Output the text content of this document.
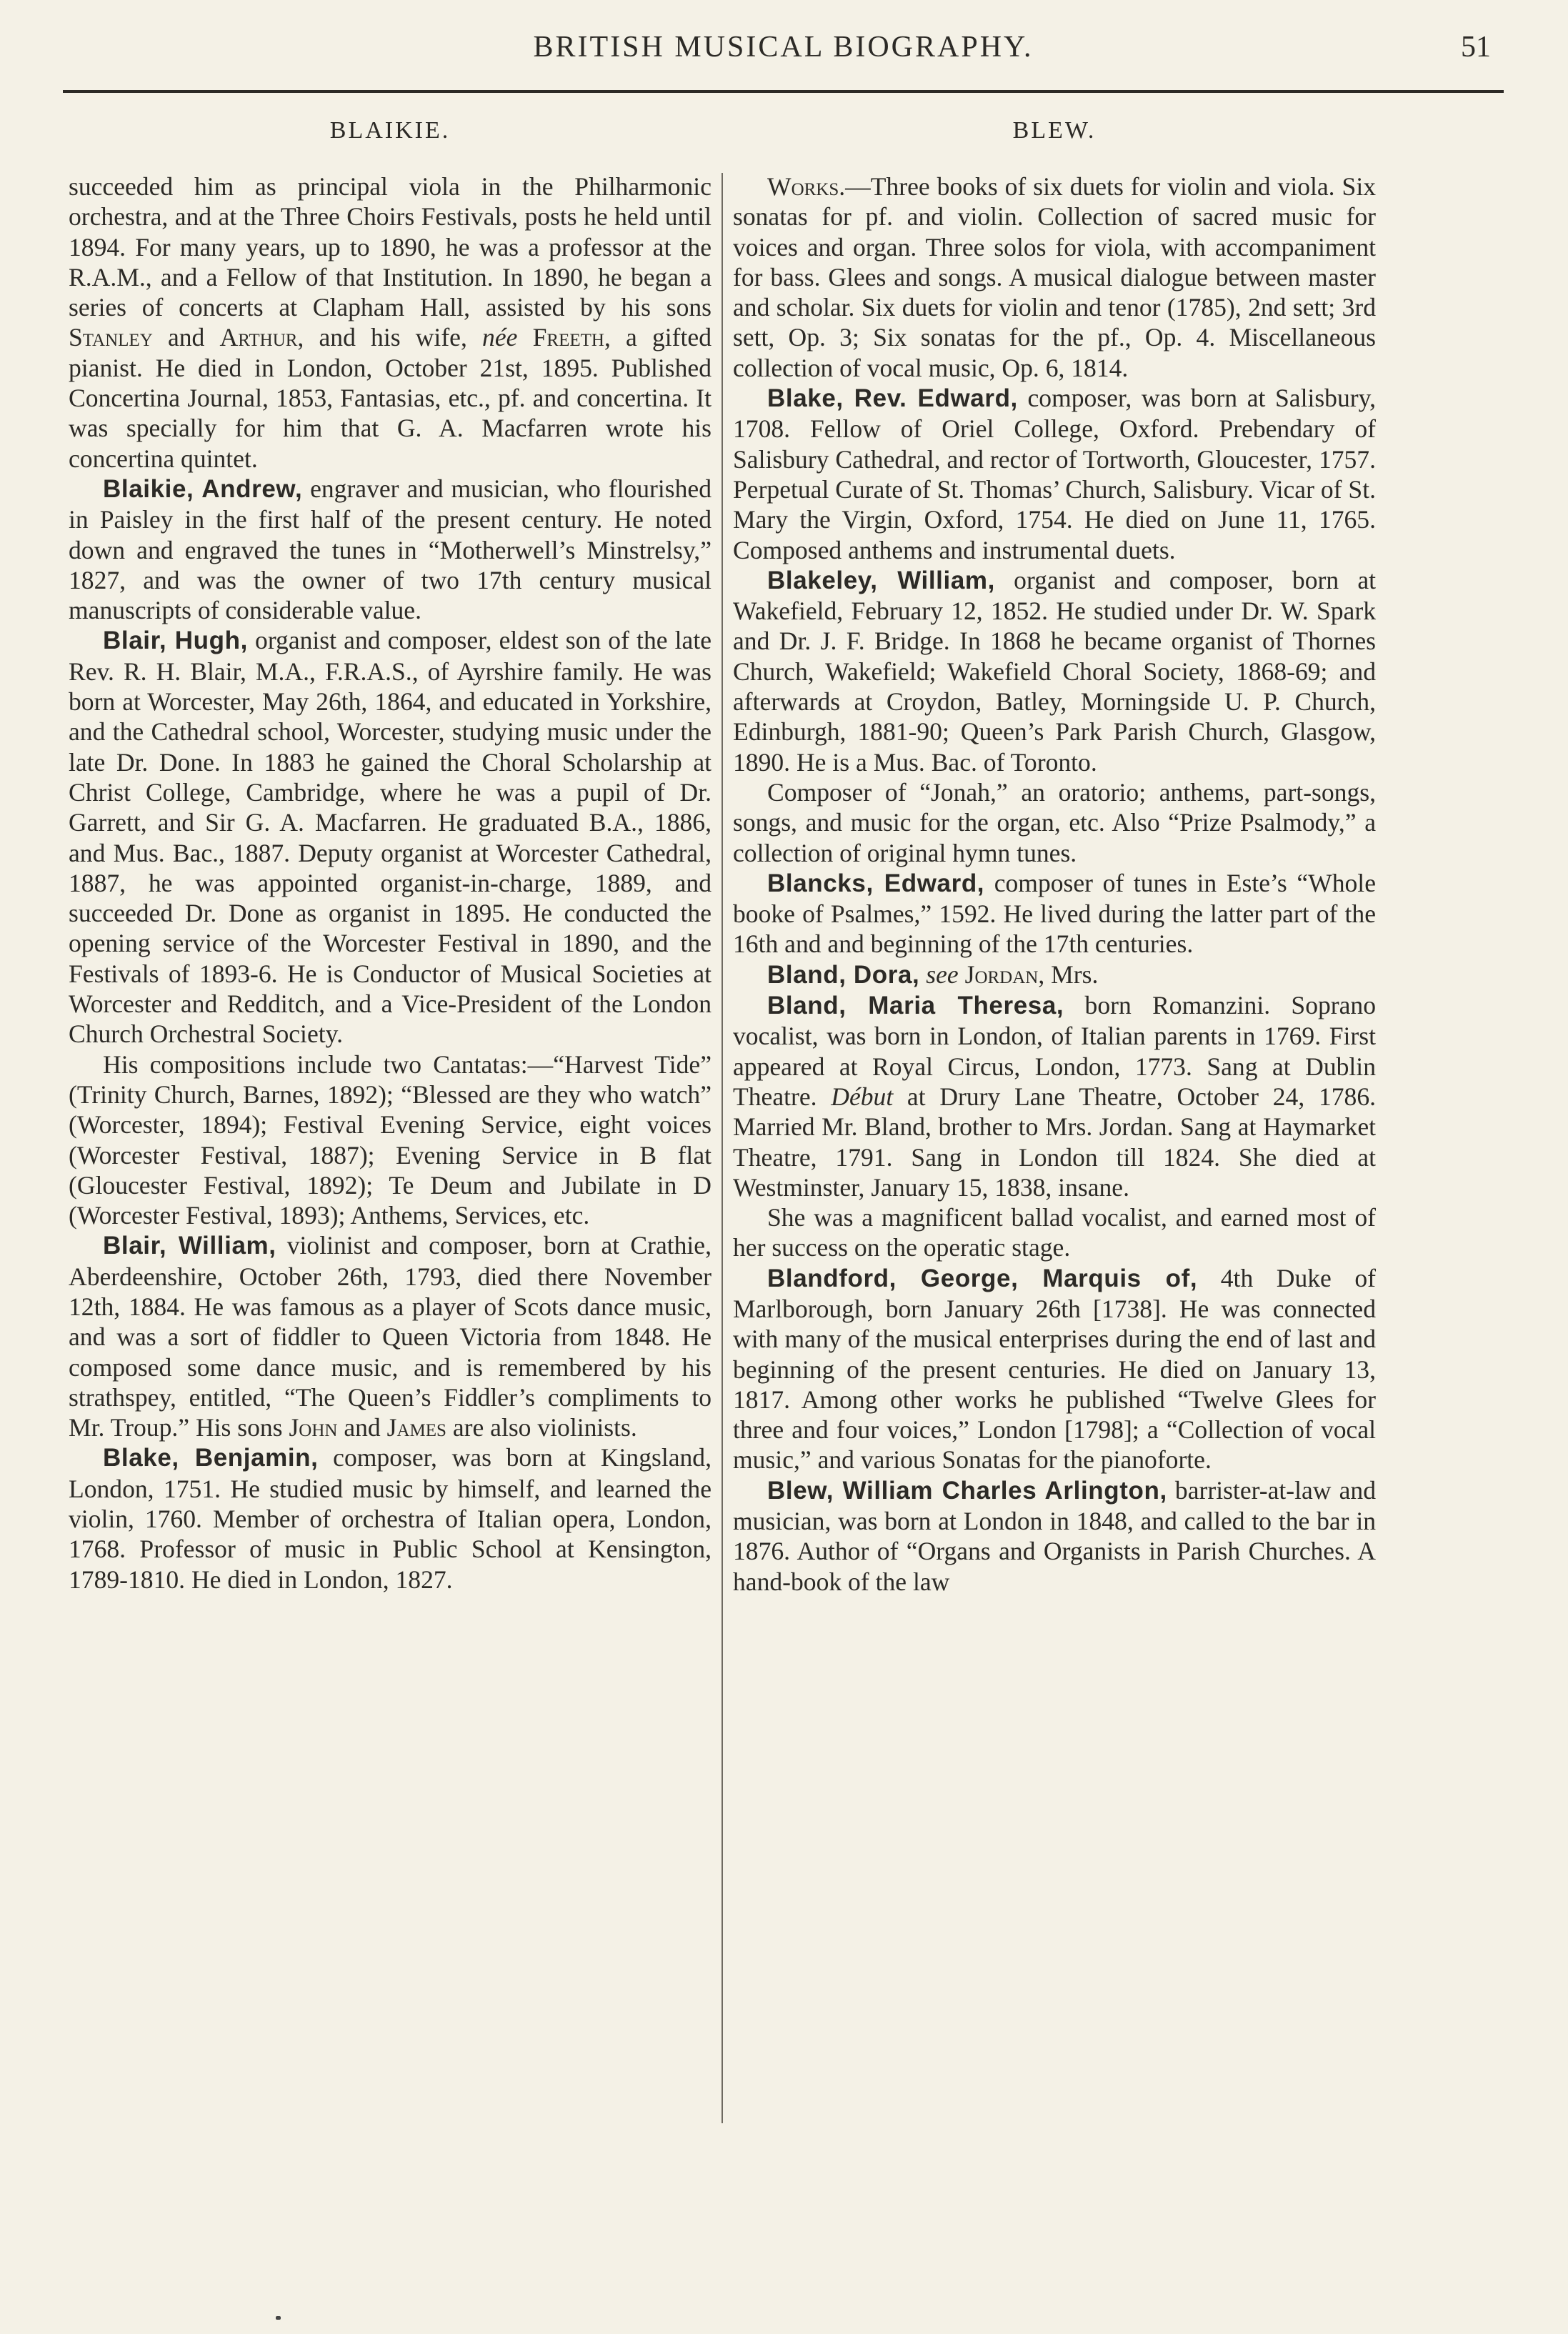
BRITISH MUSICAL BIOGRAPHY.	51
BLAIKIE.

succeeded him as principal viola in the Philharmonic orchestra, and at the Three Choirs Festivals, posts he held until 1894. For many years, up to 1890, he was a professor at the R.A.M., and a Fellow of that Institution. In 1890, he began a series of concerts at Clapham Hall, assisted by his sons Stanley and Arthur, and his wife, née Freeth, a gifted pianist. He died in London, October 21st, 1895. Published Concertina Journal, 1853, Fantasias, etc., pf. and concertina. It was specially for him that G. A. Macfarren wrote his concertina quintet.

Blaikie, Andrew, engraver and musician, who flourished in Paisley in the first half of the present century. He noted down and engraved the tunes in “Motherwell’s Minstrelsy,” 1827, and was the owner of two 17th century musical manuscripts of considerable value.

Blair, Hugh, organist and composer, eldest son of the late Rev. R. H. Blair, M.A., F.R.A.S., of Ayrshire family. He was born at Worcester, May 26th, 1864, and educated in Yorkshire, and the Cathedral school, Worcester, studying music under the late Dr. Done. In 1883 he gained the Choral Scholarship at Christ College, Cambridge, where he was a pupil of Dr. Garrett, and Sir G. A. Macfarren. He graduated B.A., 1886, and Mus. Bac., 1887. Deputy organist at Worcester Cathedral, 1887, he was appointed organist-in-charge, 1889, and succeeded Dr. Done as organist in 1895. He conducted the opening service of the Worcester Festival in 1890, and the Festivals of 1893-6. He is Conductor of Musical Societies at Worcester and Redditch, and a Vice-President of the London Church Orchestral Society.

His compositions include two Cantatas:—“Harvest Tide” (Trinity Church, Barnes, 1892); “Blessed are they who watch” (Worcester, 1894); Festival Evening Service, eight voices (Worcester Festival, 1887); Evening Service in B flat (Gloucester Festival, 1892); Te Deum and Jubilate in D (Worcester Festival, 1893); Anthems, Services, etc.

Blair, William, violinist and composer, born at Crathie, Aberdeenshire, October 26th, 1793, died there November 12th, 1884. He was famous as a player of Scots dance music, and was a sort of fiddler to Queen Victoria from 1848. He composed some dance music, and is remembered by his strathspey, entitled, “The Queen’s Fiddler’s compliments to Mr. Troup.” His sons John and James are also violinists.

Blake, Benjamin, composer, was born at Kingsland, London, 1751. He studied music by himself, and learned the violin, 1760. Member of orchestra of Italian opera, London, 1768. Professor of music in Public School at Kensington, 1789-1810. He died in London, 1827.

BLEW.

Works.—Three books of six duets for violin and viola. Six sonatas for pf. and violin. Collection of sacred music for voices and organ. Three solos for viola, with accompaniment for bass. Glees and songs. A musical dialogue between master and scholar. Six duets for violin and tenor (1785), 2nd sett; 3rd sett, Op. 3; Six sonatas for the pf., Op. 4. Miscellaneous collection of vocal music, Op. 6, 1814.

Blake, Rev. Edward, composer, was born at Salisbury, 1708. Fellow of Oriel College, Oxford. Prebendary of Salisbury Cathedral, and rector of Tortworth, Gloucester, 1757. Perpetual Curate of St. Thomas’ Church, Salisbury. Vicar of St. Mary the Virgin, Oxford, 1754. He died on June 11, 1765. Composed anthems and instrumental duets.

Blakeley, William, organist and composer, born at Wakefield, February 12, 1852. He studied under Dr. W. Spark and Dr. J. F. Bridge. In 1868 he became organist of Thornes Church, Wakefield; Wakefield Choral Society, 1868-69; and afterwards at Croydon, Batley, Morningside U. P. Church, Edinburgh, 1881-90; Queen’s Park Parish Church, Glasgow, 1890. He is a Mus. Bac. of Toronto.

Composer of “Jonah,” an oratorio; anthems, part-songs, songs, and music for the organ, etc. Also “Prize Psalmody,” a collection of original hymn tunes.

Blancks, Edward, composer of tunes in Este’s “Whole booke of Psalmes,” 1592. He lived during the latter part of the 16th and and beginning of the 17th centuries.

Bland, Dora, see Jordan, Mrs.

Bland, Maria Theresa, born Romanzini. Soprano vocalist, was born in London, of Italian parents in 1769. First appeared at Royal Circus, London, 1773. Sang at Dublin Theatre. Début at Drury Lane Theatre, October 24, 1786. Married Mr. Bland, brother to Mrs. Jordan. Sang at Haymarket Theatre, 1791. Sang in London till 1824. She died at Westminster, January 15, 1838, insane.

She was a magnificent ballad vocalist, and earned most of her success on the operatic stage.

Blandford, George, Marquis of, 4th Duke of Marlborough, born January 26th [1738]. He was connected with many of the musical enterprises during the end of last and beginning of the present centuries. He died on January 13, 1817. Among other works he published “Twelve Glees for three and four voices,” London [1798]; a “Collection of vocal music,” and various Sonatas for the pianoforte.

Blew, William Charles Arlington, barrister-at-law and musician, was born at London in 1848, and called to the bar in 1876. Author of “Organs and Organists in Parish Churches. A hand-book of the law
